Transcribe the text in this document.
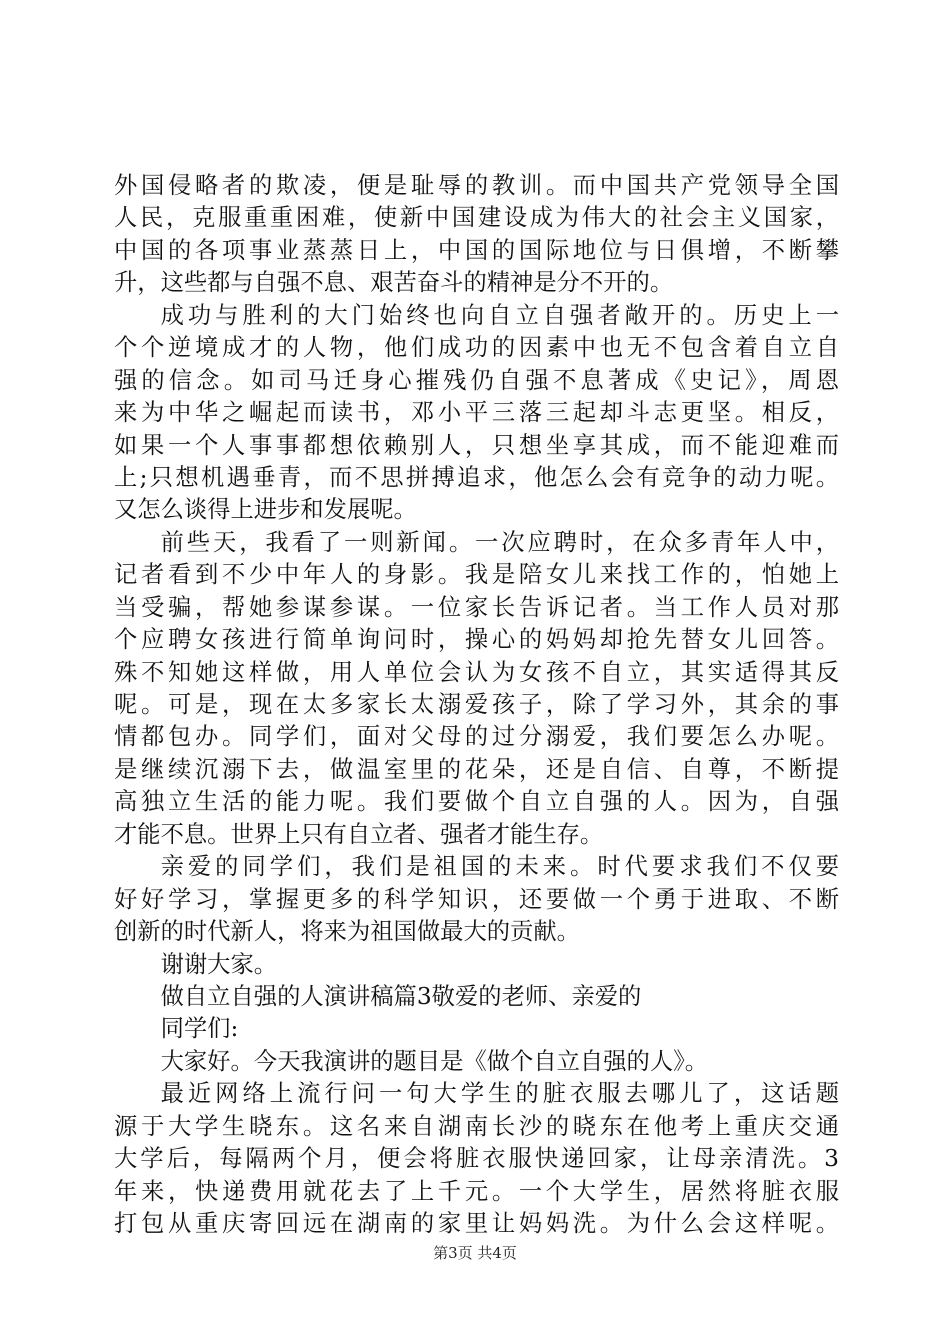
外国侵略者的欺凌，便是耻辱的教训。而中国共产党领导全国
人民，克服重重困难，使新中国建设成为伟大的社会主义国家，
中国的各项事业蒸蒸日上，中国的国际地位与日俱增，不断攀
升，这些都与自强不息、艰苦奋斗的精神是分不开的。
成功与胜利的大门始终也向自立自强者敞开的。历史上一
个个逆境成才的人物，他们成功的因素中也无不包含着自立自
强的信念。如司马迁身心摧残仍自强不息著成《史记》，周恩
来为中华之崛起而读书，邓小平三落三起却斗志更坚。相反，
如果一个人事事都想依赖别人，只想坐享其成，而不能迎难而
上;只想机遇垂青，而不思拼搏追求，他怎么会有竞争的动力呢。
又怎么谈得上进步和发展呢。
前些天，我看了一则新闻。一次应聘时，在众多青年人中，
记者看到不少中年人的身影。我是陪女儿来找工作的，怕她上
当受骗，帮她参谋参谋。一位家长告诉记者。当工作人员对那
个应聘女孩进行简单询问时，操心的妈妈却抢先替女儿回答。
殊不知她这样做，用人单位会认为女孩不自立，其实适得其反
呢。可是，现在太多家长太溺爱孩子，除了学习外，其余的事
情都包办。同学们，面对父母的过分溺爱，我们要怎么办呢。
是继续沉溺下去，做温室里的花朵，还是自信、自尊，不断提
高独立生活的能力呢。我们要做个自立自强的人。因为，自强
才能不息。世界上只有自立者、强者才能生存。
亲爱的同学们，我们是祖国的未来。时代要求我们不仅要
好好学习，掌握更多的科学知识，还要做一个勇于进取、不断
创新的时代新人，将来为祖国做最大的贡献。
谢谢大家。
做自立自强的人演讲稿篇3敬爱的老师、亲爱的
同学们:
大家好。今天我演讲的题目是《做个自立自强的人》。
最近网络上流行问一句大学生的脏衣服去哪儿了，这话题
源于大学生晓东。这名来自湖南长沙的晓东在他考上重庆交通
大学后，每隔两个月，便会将脏衣服快递回家，让母亲清洗。3
年来，快递费用就花去了上千元。一个大学生，居然将脏衣服
打包从重庆寄回远在湖南的家里让妈妈洗。为什么会这样呢。
第3页 共4页
